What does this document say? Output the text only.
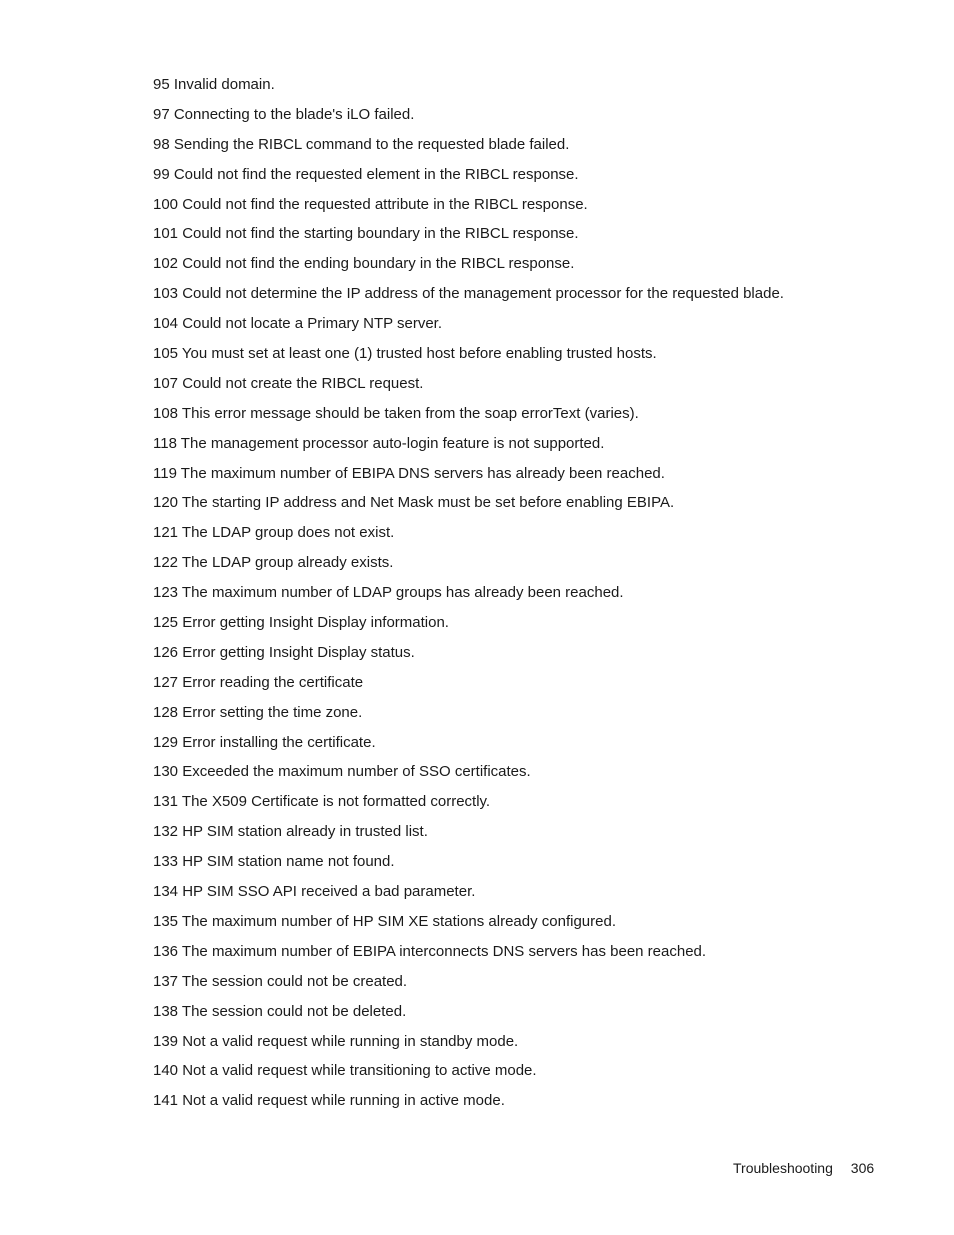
95 Invalid domain.
97 Connecting to the blade's iLO failed.
98 Sending the RIBCL command to the requested blade failed.
99 Could not find the requested element in the RIBCL response.
100 Could not find the requested attribute in the RIBCL response.
101 Could not find the starting boundary in the RIBCL response.
102 Could not find the ending boundary in the RIBCL response.
103 Could not determine the IP address of the management processor for the requested blade.
104 Could not locate a Primary NTP server.
105 You must set at least one (1) trusted host before enabling trusted hosts.
107 Could not create the RIBCL request.
108 This error message should be taken from the soap errorText (varies).
118 The management processor auto-login feature is not supported.
119 The maximum number of EBIPA DNS servers has already been reached.
120 The starting IP address and Net Mask must be set before enabling EBIPA.
121 The LDAP group does not exist.
122 The LDAP group already exists.
123 The maximum number of LDAP groups has already been reached.
125 Error getting Insight Display information.
126 Error getting Insight Display status.
127 Error reading the certificate
128 Error setting the time zone.
129 Error installing the certificate.
130 Exceeded the maximum number of SSO certificates.
131 The X509 Certificate is not formatted correctly.
132 HP SIM station already in trusted list.
133 HP SIM station name not found.
134 HP SIM SSO API received a bad parameter.
135 The maximum number of HP SIM XE stations already configured.
136 The maximum number of EBIPA interconnects DNS servers has been reached.
137 The session could not be created.
138 The session could not be deleted.
139 Not a valid request while running in standby mode.
140 Not a valid request while transitioning to active mode.
141 Not a valid request while running in active mode.
Troubleshooting 306
